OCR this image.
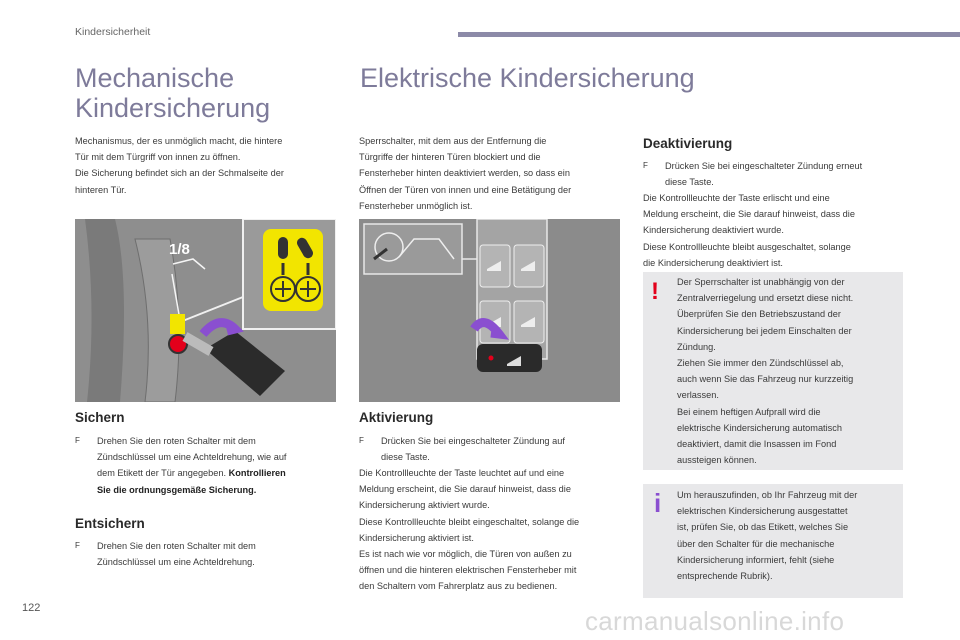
Kindersicherheit
Mechanische
Kindersicherung
Elektrische Kindersicherung
Mechanismus, der es unmöglich macht, die hintere
Tür mit dem Türgriff von innen zu öffnen.
Die Sicherung befindet sich an der Schmalseite der
hinteren Tür.
1/8
Sichern
F	Drehen Sie den roten Schalter mit dem
Zündschlüssel um eine Achteldrehung, wie auf
dem Etikett der Tür angegeben. Kontrollieren
Sie die ordnungsgemäße Sicherung.
Entsichern
F	Drehen Sie den roten Schalter mit dem
Zündschlüssel um eine Achteldrehung.
Sperrschalter, mit dem aus der Entfernung die
Türgriffe der hinteren Türen blockiert und die
Fensterheber hinten deaktiviert werden, so dass ein
Öffnen der Türen von innen und eine Betätigung der
Fensterheber unmöglich ist.
Aktivierung
F	Drücken Sie bei eingeschalteter Zündung auf
diese Taste.
Die Kontrollleuchte der Taste leuchtet auf und eine
Meldung erscheint, die Sie darauf hinweist, dass die
Kindersicherung aktiviert wurde.
Diese Kontrollleuchte bleibt eingeschaltet, solange die
Kindersicherung aktiviert ist.
Es ist nach wie vor möglich, die Türen von außen zu
öffnen und die hinteren elektrischen Fensterheber mit
den Schaltern vom Fahrerplatz aus zu bedienen.
Deaktivierung
F	Drücken Sie bei eingeschalteter Zündung erneut
diese Taste.
Die Kontrollleuchte der Taste erlischt und eine
Meldung erscheint, die Sie darauf hinweist, dass die
Kindersicherung deaktiviert wurde.
Diese Kontrollleuchte bleibt ausgeschaltet, solange
die Kindersicherung deaktiviert ist.
! Der Sperrschalter ist unabhängig von der
Zentralverriegelung und ersetzt diese nicht.
Überprüfen Sie den Betriebszustand der
Kindersicherung bei jedem Einschalten der
Zündung.
Ziehen Sie immer den Zündschlüssel ab,
auch wenn Sie das Fahrzeug nur kurzzeitig
verlassen.
Bei einem heftigen Aufprall wird die
elektrische Kindersicherung automatisch
deaktiviert, damit die Insassen im Fond
aussteigen können.
i Um herauszufinden, ob Ihr Fahrzeug mit der
elektrischen Kindersicherung ausgestattet
ist, prüfen Sie, ob das Etikett, welches Sie
über den Schalter für die mechanische
Kindersicherung informiert, fehlt (siehe
entsprechende Rubrik).
122	carmanualsonline.info
